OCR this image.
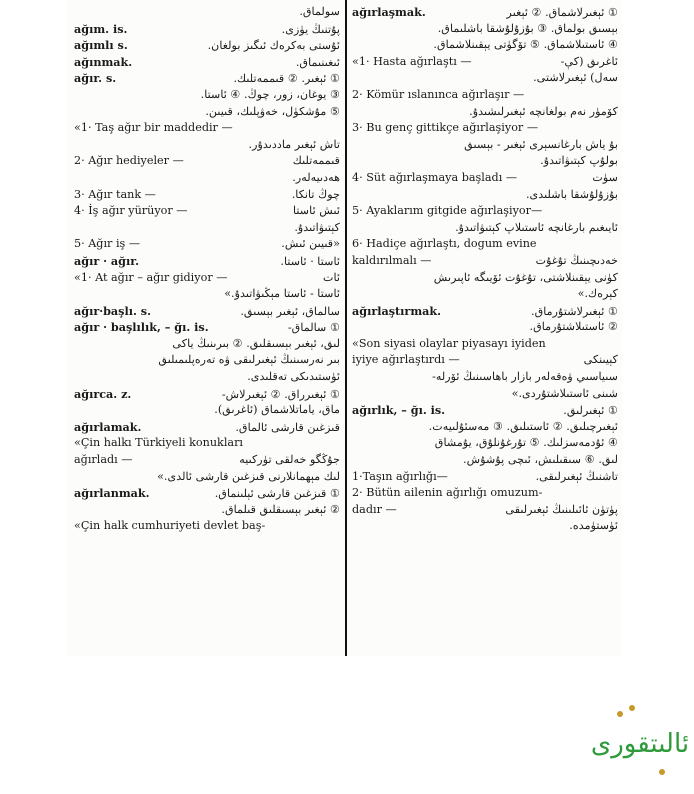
سولماق.
ağım. is.	پۇتنىڭ يۈزى.
ağımlı s.	ئۇستى بەكرەك ئىگىز بولغان.
ağınmak.	ئىغىنىماق.
ağır. s.	① ئېغىر. ② قىممەتلىك.
③ يوغان، زور، چوڭ. ④ ئاستا.
⑤ مۇشكۈل، خەۋپلىك، قىيىن.
«1· Taş ağır bir maddedir —
تاش ئېغىر ماددىدۇر.
2· Ağır hediyeler —	قىممەتلىك
ھەدىيەلەر.
3· Ağır tank —	چوڭ تانكا.
4· İş ağır yürüyor —	ئىش ئاستا
كېتىۋاتىدۇ.
5· Ağır iş —	«قىيىن ئىش.
ağır · ağır.	ئاستا · ئاستا.
«1· At ağır – ağır gidiyor —	ئات
ئاستا - ئاستا مېڭىۋاتىدۇ.»
ağır·başlı. s.	سالماق، ئېغىر بېسىق.
ağır · başlılık, – ğı. is.	① سالماق-
لىق، ئېغىر بېسىقلىق. ② بىرىنىڭ ياكى
بىر نەرسىنىڭ ئېغىرلىقى ۋە تەرەپلىمىلىق
ئۈستىدىكى تەقلىدى.
ağırca. z.	① ئېغىرراق. ② ئېغىرلاش-
ماق، ياماتلاشماق (ئاغرىق).
ağırlamak.	قىزغىن قارشى ئالماق.
«Çin halkı Türkiyeli konukları
ağırladı —	جۇڭگو خەلقى تۈركىيە
لىك مېھمانلارنى قىزغىن قارشى ئالدى.»
ağırlanmak.	① قىزغىن قارشى ئېلىنماق.
② ئېغىر بېسىقلىق قىلماق.
«Çin halk cumhuriyeti devlet baş-
ağırlaşmak.	① ئېغىرلاشماق. ② ئېغىر
بېسىق بولماق. ③ بۇزۇلۇشقا باشلىماق.
④ ئاستىلاشماق. ⑤ تۆگۈتى يېقىنلاشماق.
«1· Hasta ağırlaştı —	ئاغرىق (كې-
سەل) ئېغىرلاشتى.
2· Kömür ıslanınca ağırlaşır —
كۆمۈر نەم بولغانچە ئېغىرلىشىدۇ.
3· Bu genç gittikçe ağırlaşiyor —
بۇ ياش بارغانسېرى ئېغىر - بېسىق
بولۇپ كېتىۋاتىدۇ.
4· Süt ağırlaşmaya başladı —	سۈت
بۇزۇلۇشقا باشلىدى.
5· Ayaklarım gitgide ağırlaşiyor—
ئايىغىم بارغانچە ئاستىلاپ كېتىۋاتىدۇ.
6· Hadiçe ağırlaştı, dogum evine
kaldırılmalı —	خەدىچىنىڭ تۇغۇت
كۈنى يېقىنلاشتى، تۇغۇت ئۆيىگە ئاپىرىش
كېرەك.»
ağırlaştırmak.	① ئېغىرلاشتۇرماق.
② ئاستىلاشتۇرماق.
«Son siyasi olaylar piyasayı iyiden
iyiye ağırlaştırdı —	كېيىنكى
سىياسىي ۋەقەلەر بازار باھاسىنىڭ ئۆرلە-
شىنى ئاستىلاشتۇردى.»
ağırlık, – ğı. is.	① ئېغىرلىق.
ئېغىرچىلىق. ② ئاستىلىق. ③ مەسئۇلىيەت.
④ ئۇدمەسزلىك. ⑤ تۇرغۇنلۇق، يۇمشاق
لىق. ⑥ سىقىلىش، ئىچى پۇشۇش.
1·Taşın ağırlığı—	تاشنىڭ ئېغىرلىقى.
2· Bütün ailenin ağırlığı omuzum-
dadır —	پۈتۈن ئائىلىنىڭ ئېغىرلىقى
ئۈستۈمدە.
ئالىتقورى
